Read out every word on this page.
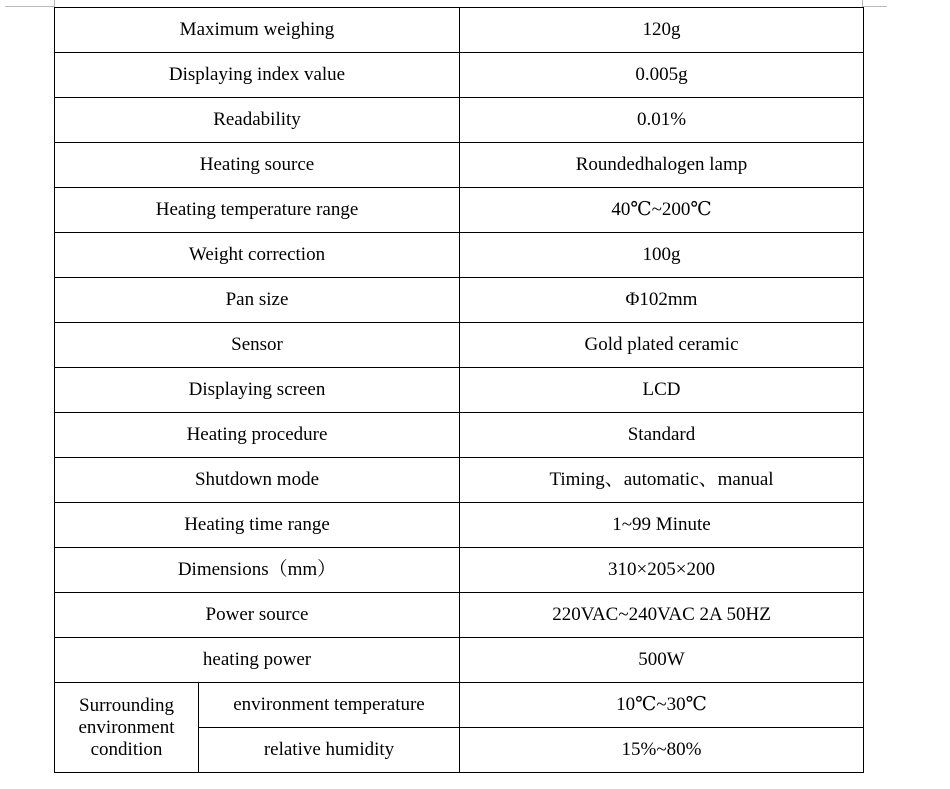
Maximum weighing		120g
Displaying index value		0.005g
Readability		0.01%
Heating source		Roundedhalogen lamp
Heating temperature range		40℃~200℃
Weight correction		100g
Pan size		Φ102mm
Sensor		Gold plated ceramic
Displaying screen		LCD
Heating procedure		Standard
Shutdown mode		Timing、automatic、manual
Heating time range		1~99 Minute
Dimensions（mm）		310×205×200
Power source		220VAC~240VAC 2A 50HZ
heating power		500W

Surrounding
environment
condition	environment temperature	10℃~30℃
	relative humidity	15%~80%
